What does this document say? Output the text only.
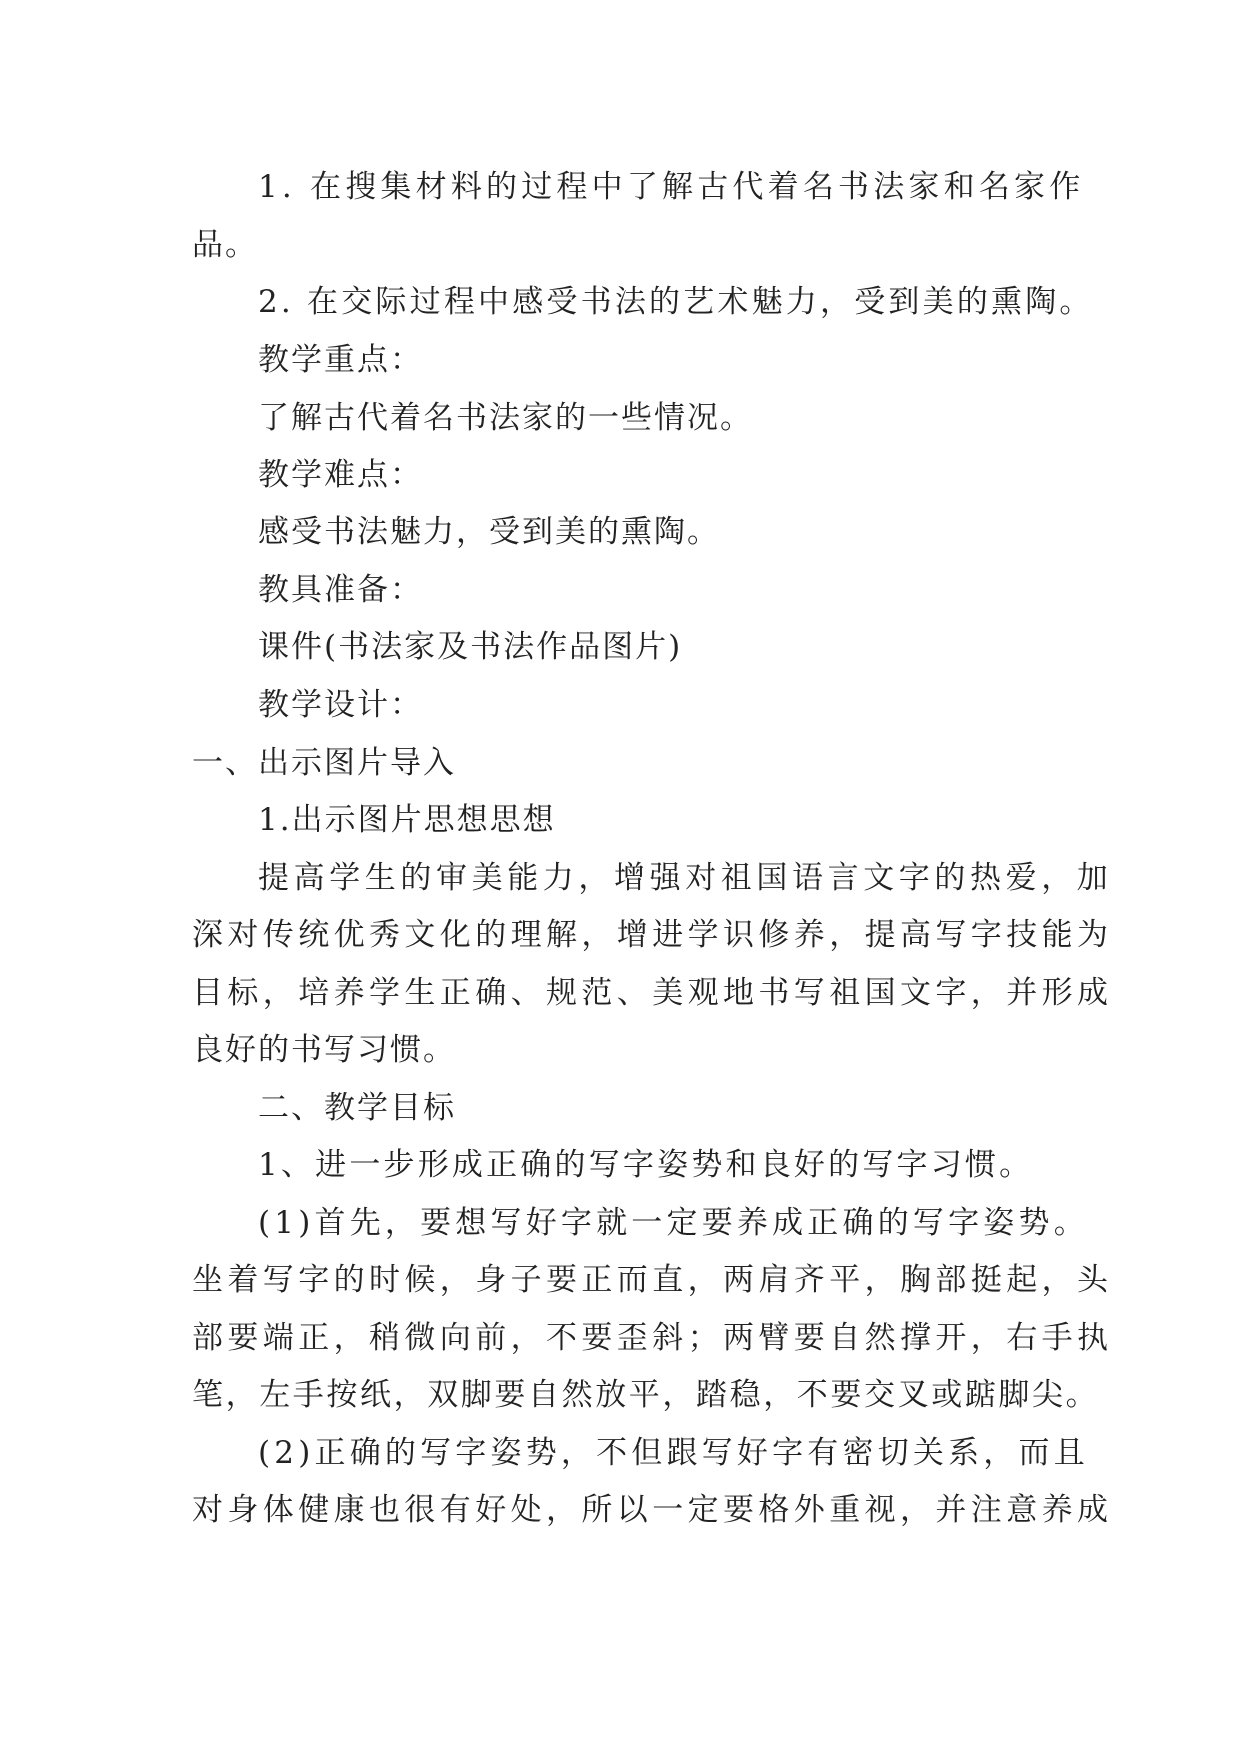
1. 在搜集材料的过程中了解古代着名书法家和名家作
品。
2. 在交际过程中感受书法的艺术魅力，受到美的熏陶。
教学重点：
了解古代着名书法家的一些情况。
教学难点：
感受书法魅力，受到美的熏陶。
教具准备：
课件(书法家及书法作品图片)
教学设计：
一、出示图片导入
1.出示图片思想思想
提高学生的审美能力，增强对祖国语言文字的热爱，加
深对传统优秀文化的理解，增进学识修养，提高写字技能为
目标，培养学生正确、规范、美观地书写祖国文字，并形成
良好的书写习惯。
二、教学目标
1、进一步形成正确的写字姿势和良好的写字习惯。
(1)首先，要想写好字就一定要养成正确的写字姿势。
坐着写字的时候，身子要正而直，两肩齐平，胸部挺起，头
部要端正，稍微向前，不要歪斜；两臂要自然撑开，右手执
笔，左手按纸，双脚要自然放平，踏稳，不要交叉或踮脚尖。
(2)正确的写字姿势，不但跟写好字有密切关系，而且
对身体健康也很有好处，所以一定要格外重视，并注意养成
